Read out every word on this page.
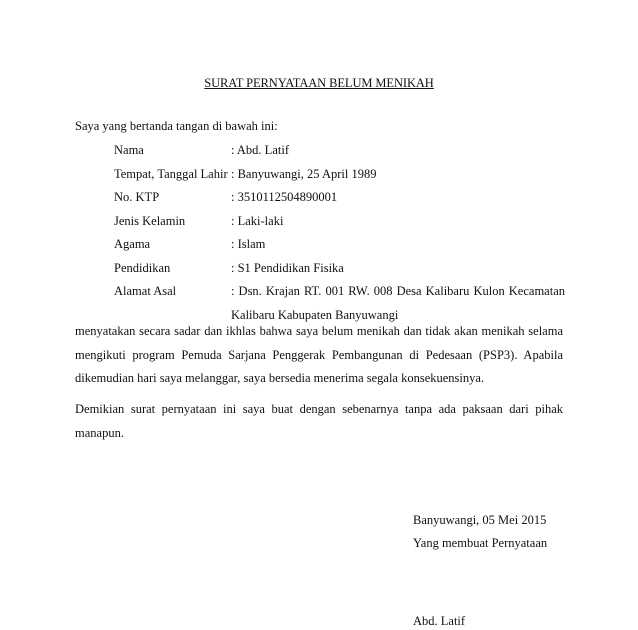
SURAT PERNYATAAN BELUM MENIKAH
Saya yang bertanda tangan di bawah ini:
Nama	: Abd. Latif
Tempat, Tanggal Lahir : Banyuwangi, 25 April 1989
No. KTP	: 3510112504890001
Jenis Kelamin	: Laki-laki
Agama	: Islam
Pendidikan	: S1 Pendidikan Fisika
Alamat Asal	: Dsn. Krajan RT. 001 RW. 008 Desa Kalibaru Kulon Kecamatan Kalibaru Kabupaten Banyuwangi
menyatakan secara sadar dan ikhlas bahwa saya belum menikah dan tidak akan menikah selama mengikuti program Pemuda Sarjana Penggerak Pembangunan di Pedesaan (PSP3). Apabila dikemudian hari saya melanggar, saya bersedia menerima segala konsekuensinya.
Demikian surat pernyataan ini saya buat dengan sebenarnya tanpa ada paksaan dari pihak manapun.
Banyuwangi, 05 Mei 2015
Yang membuat Pernyataan
Abd. Latif
